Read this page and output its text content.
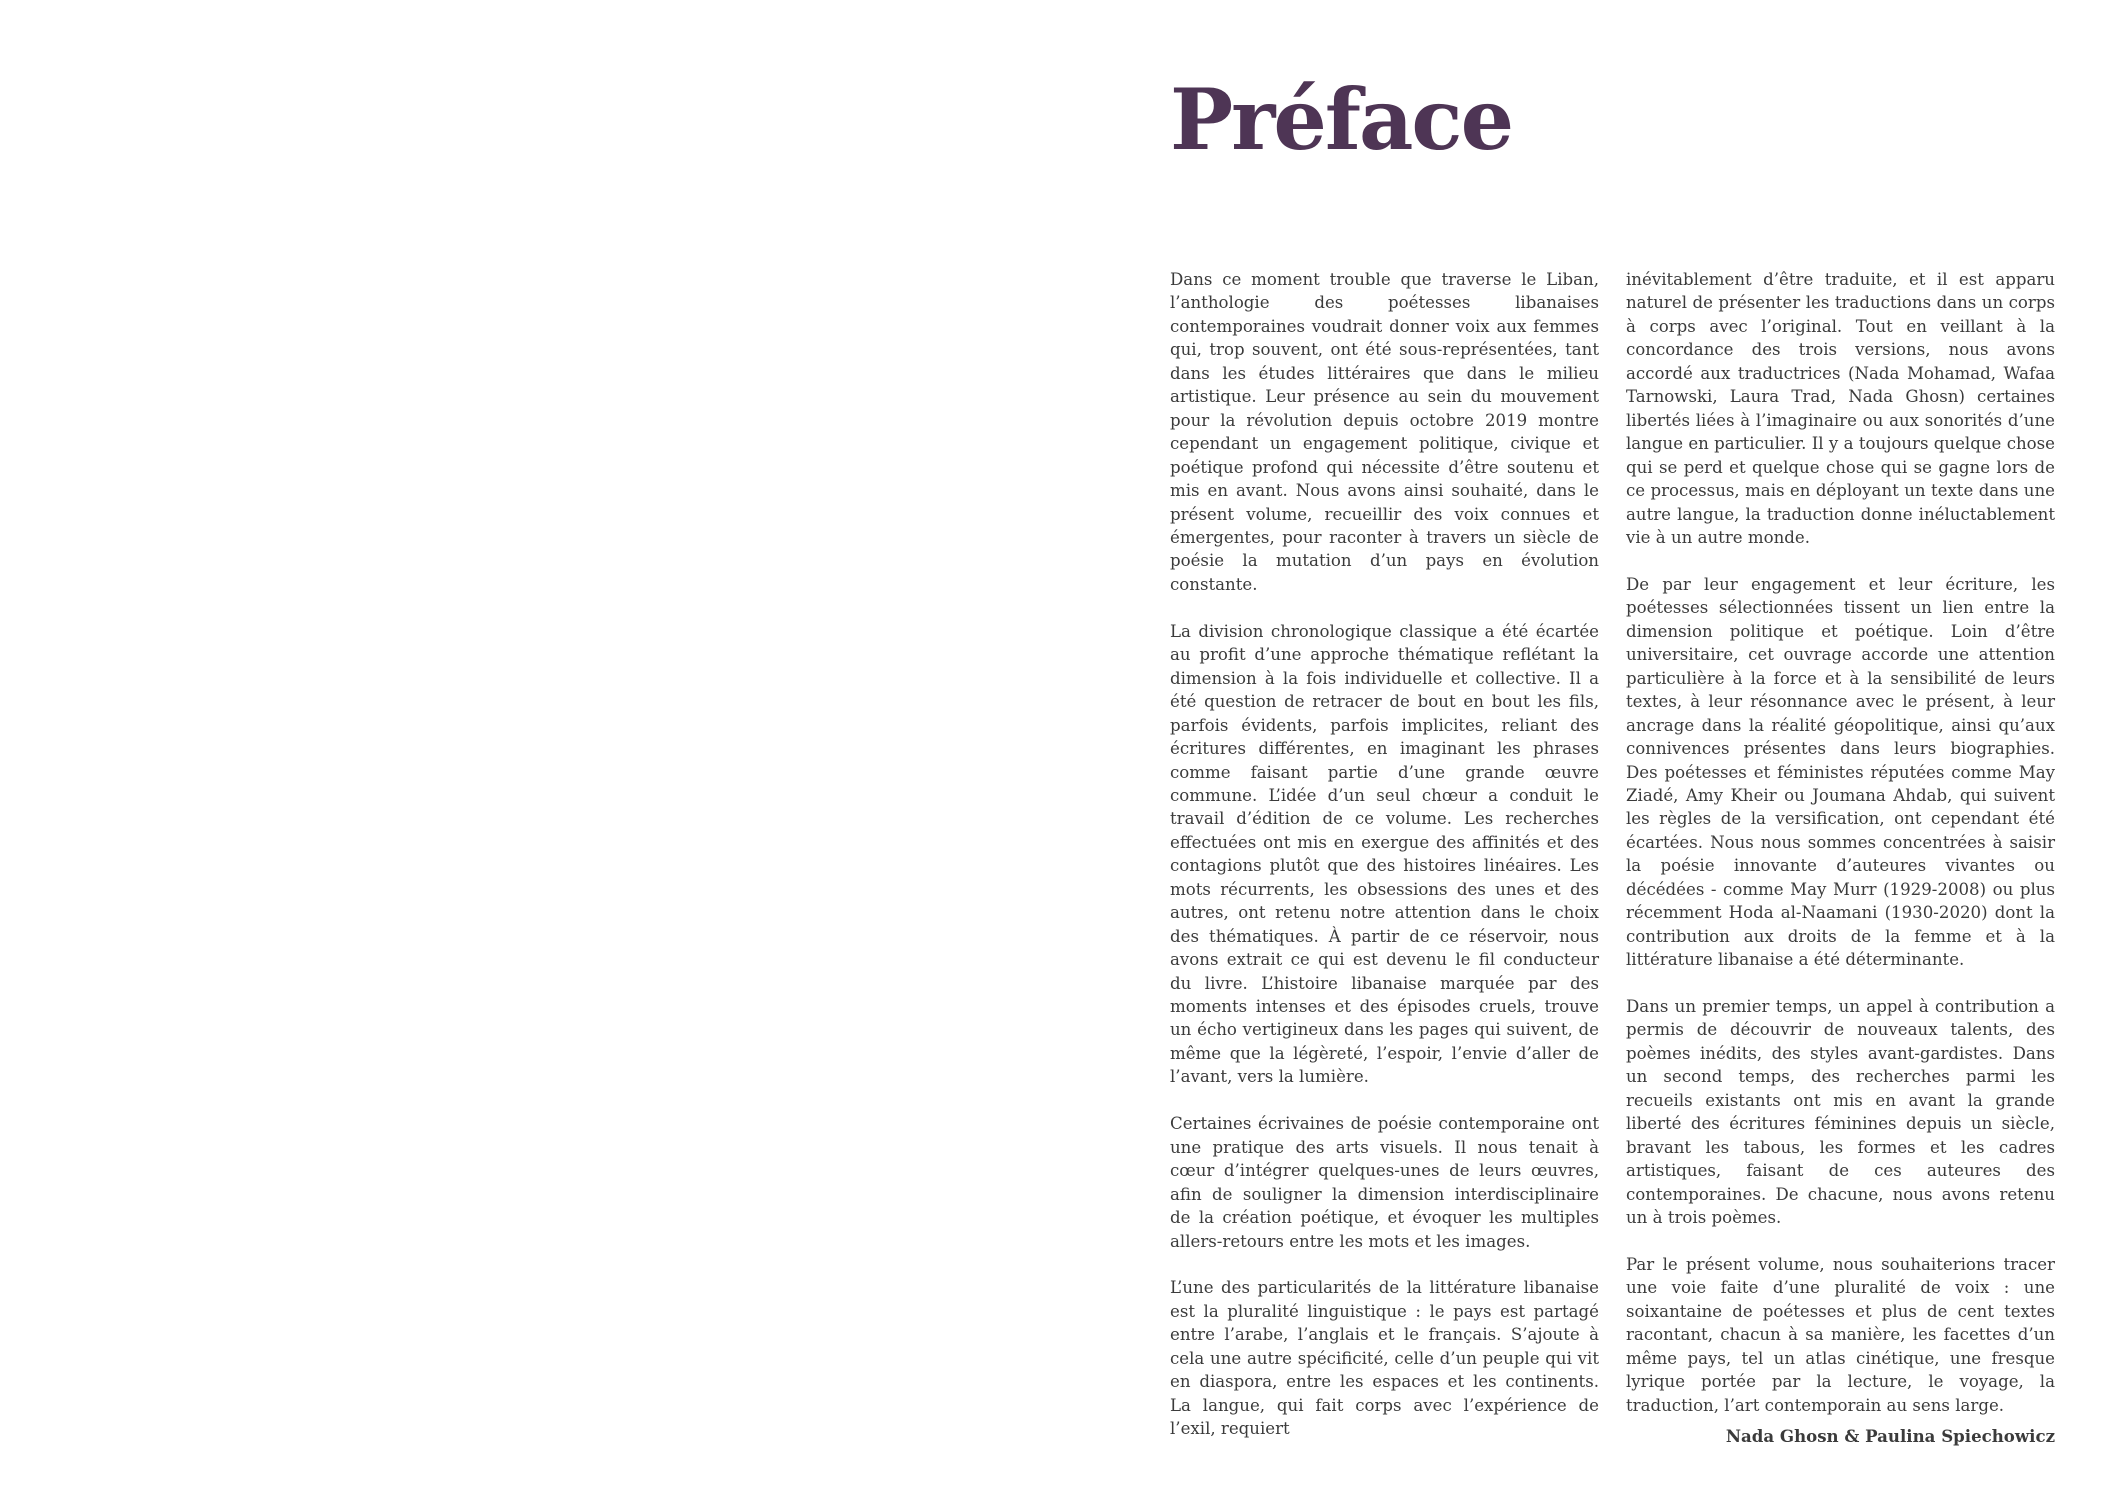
Préface

Dans ce moment trouble que traverse le Liban, l’anthologie des poétesses libanaises contemporaines voudrait donner voix aux femmes qui, trop souvent, ont été sous-représentées, tant dans les études littéraires que dans le milieu artistique. Leur présence au sein du mouvement pour la révolution depuis octobre 2019 montre cependant un engagement politique, civique et poétique profond qui nécessite d’être soutenu et mis en avant. Nous avons ainsi souhaité, dans le présent volume, recueillir des voix connues et émergentes, pour raconter à travers un siècle de poésie la mutation d’un pays en évolution constante.

La division chronologique classique a été écartée au profit d’une approche thématique reflétant la dimension à la fois individuelle et collective. Il a été question de retracer de bout en bout les fils, parfois évidents, parfois implicites, reliant des écritures différentes, en imaginant les phrases comme faisant partie d’une grande œuvre commune. L’idée d’un seul chœur a conduit le travail d’édition de ce volume. Les recherches effectuées ont mis en exergue des affinités et des contagions plutôt que des histoires linéaires. Les mots récurrents, les obsessions des unes et des autres, ont retenu notre attention dans le choix des thématiques. À partir de ce réservoir, nous avons extrait ce qui est devenu le fil conducteur du livre. L’histoire libanaise marquée par des moments intenses et des épisodes cruels, trouve un écho vertigineux dans les pages qui suivent, de même que la légèreté, l’espoir, l’envie d’aller de l’avant, vers la lumière.

Certaines écrivaines de poésie contemporaine ont une pratique des arts visuels. Il nous tenait à cœur d’intégrer quelques-unes de leurs œuvres, afin de souligner la dimension interdisciplinaire de la création poétique, et évoquer les multiples allers-retours entre les mots et les images.

L’une des particularités de la littérature libanaise est la pluralité linguistique : le pays est partagé entre l’arabe, l’anglais et le français. S’ajoute à cela une autre spécificité, celle d’un peuple qui vit en diaspora, entre les espaces et les continents. La langue, qui fait corps avec l’expérience de l’exil, requiert

inévitablement d’être traduite, et il est apparu naturel de présenter les traductions dans un corps à corps avec l’original. Tout en veillant à la concordance des trois versions, nous avons accordé aux traductrices (Nada Mohamad, Wafaa Tarnowski, Laura Trad, Nada Ghosn) certaines libertés liées à l’imaginaire ou aux sonorités d’une langue en particulier. Il y a toujours quelque chose qui se perd et quelque chose qui se gagne lors de ce processus, mais en déployant un texte dans une autre langue, la traduction donne inéluctablement vie à un autre monde.

De par leur engagement et leur écriture, les poétesses sélectionnées tissent un lien entre la dimension politique et poétique. Loin d’être universitaire, cet ouvrage accorde une attention particulière à la force et à la sensibilité de leurs textes, à leur résonnance avec le présent, à leur ancrage dans la réalité géopolitique, ainsi qu’aux connivences présentes dans leurs biographies. Des poétesses et féministes réputées comme May Ziadé, Amy Kheir ou Joumana Ahdab, qui suivent les règles de la versification, ont cependant été écartées. Nous nous sommes concentrées à saisir la poésie innovante d’auteures vivantes ou décédées - comme May Murr (1929-2008) ou plus récemment Hoda al-Naamani (1930-2020) dont la contribution aux droits de la femme et à la littérature libanaise a été déterminante.

Dans un premier temps, un appel à contribution a permis de découvrir de nouveaux talents, des poèmes inédits, des styles avant-gardistes. Dans un second temps, des recherches parmi les recueils existants ont mis en avant la grande liberté des écritures féminines depuis un siècle, bravant les tabous, les formes et les cadres artistiques, faisant de ces auteures des contemporaines. De chacune, nous avons retenu un à trois poèmes.

Par le présent volume, nous souhaiterions tracer une voie faite d’une pluralité de voix : une soixantaine de poétesses et plus de cent textes racontant, chacun à sa manière, les facettes d’un même pays, tel un atlas cinétique, une fresque lyrique portée par la lecture, le voyage, la traduction, l’art contemporain au sens large.

Nada Ghosn & Paulina Spiechowicz
